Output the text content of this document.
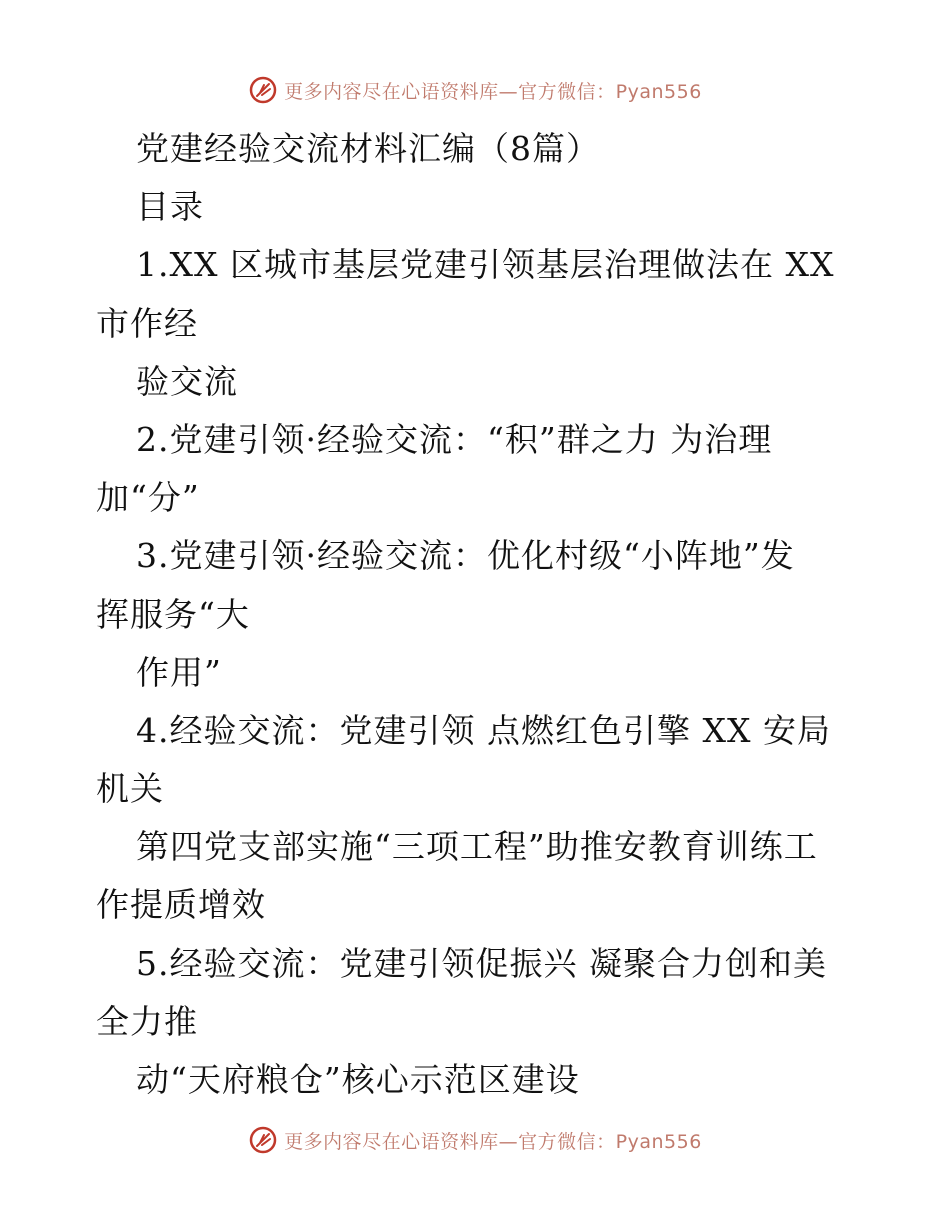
更多内容尽在心语资料库—官方微信：Pyan556
党建经验交流材料汇编（8篇）
目录
1.XX 区城市基层党建引领基层治理做法在 XX
市作经
验交流
2.党建引领·经验交流：“积”群之力 为治理
加“分”
3.党建引领·经验交流：优化村级“小阵地”发
挥服务“大
作用”
4.经验交流：党建引领 点燃红色引擎 XX 安局
机关
第四党支部实施“三项工程”助推安教育训练工
作提质增效
5.经验交流：党建引领促振兴 凝聚合力创和美
全力推
动“天府粮仓”核心示范区建设
更多内容尽在心语资料库—官方微信：Pyan556
